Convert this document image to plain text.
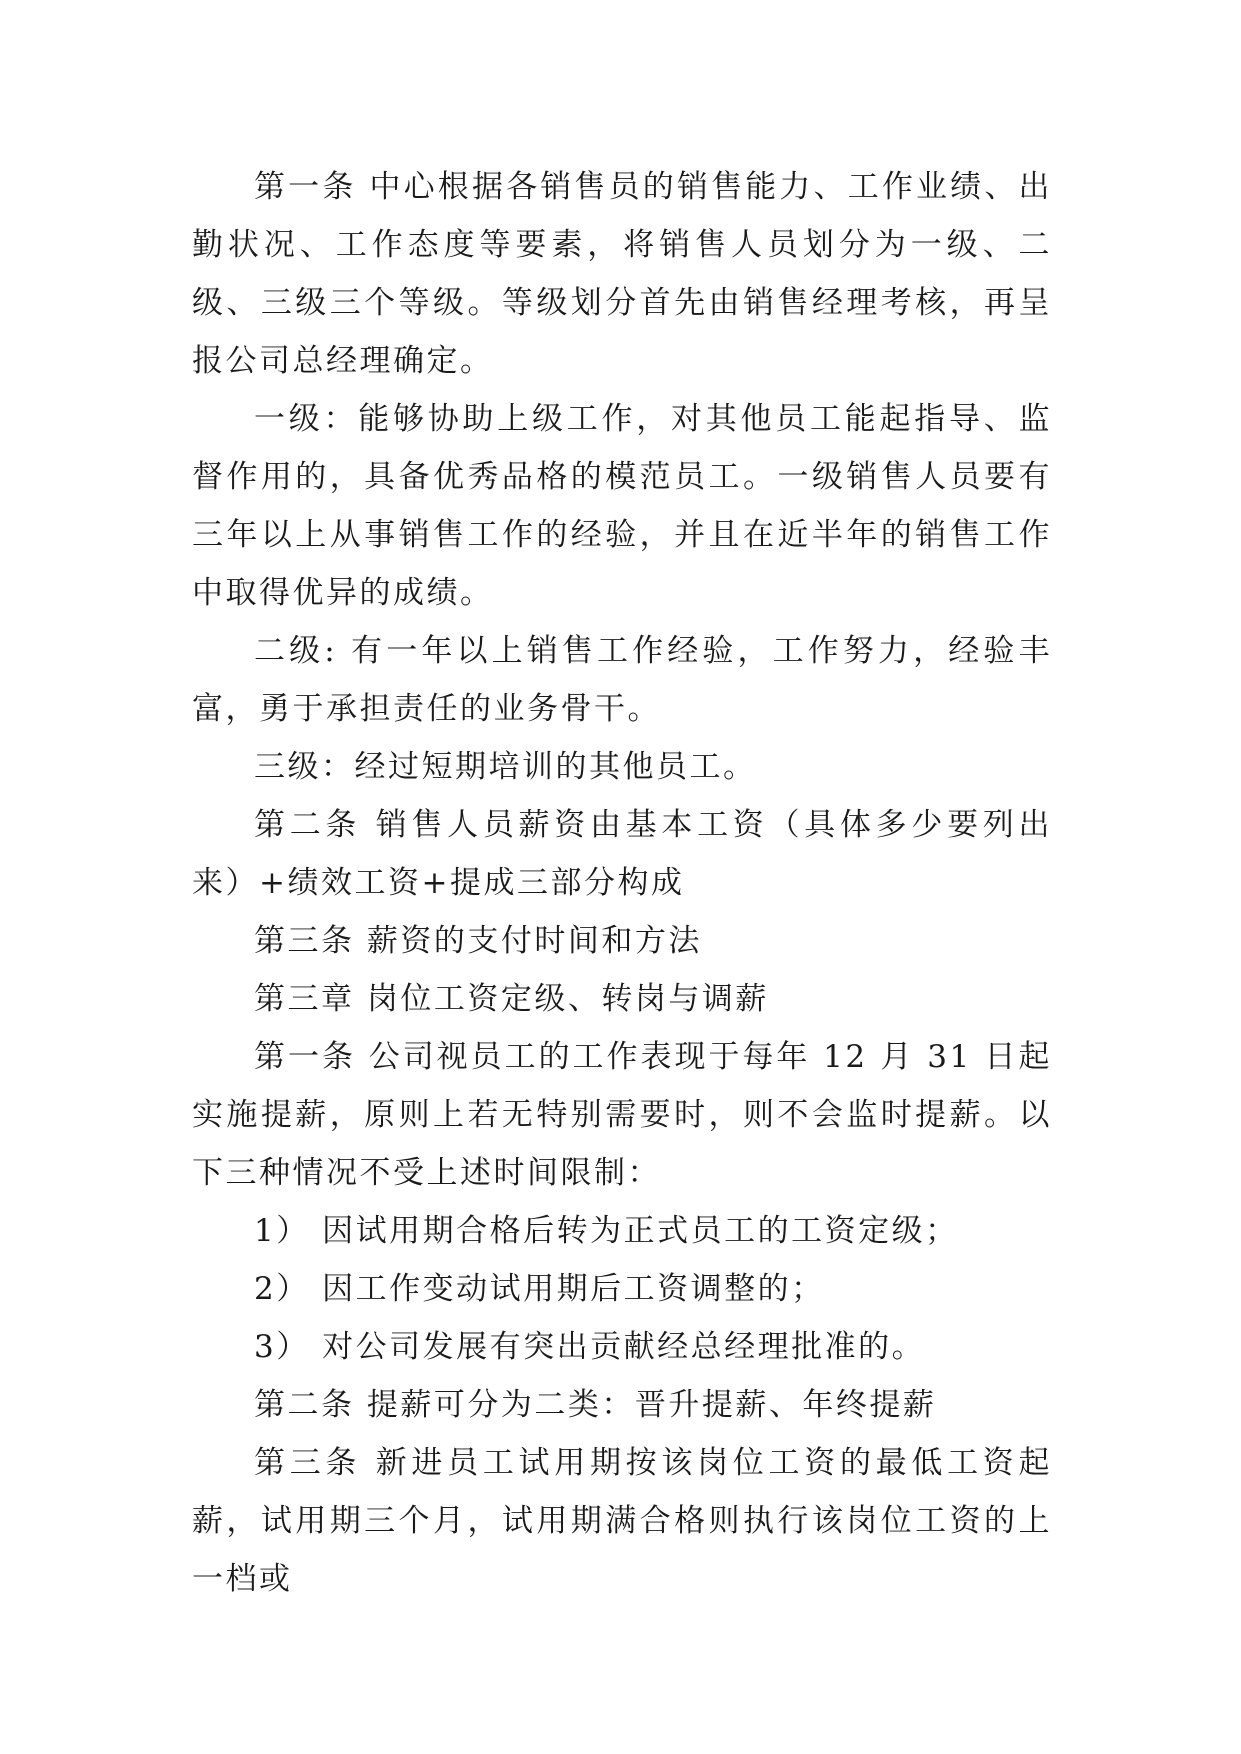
第一条 中心根据各销售员的销售能力、工作业绩、出勤状况、工作态度等要素，将销售人员划分为一级、二级、三级三个等级。等级划分首先由销售经理考核，再呈报公司总经理确定。

一级：能够协助上级工作，对其他员工能起指导、监督作用的，具备优秀品格的模范员工。一级销售人员要有三年以上从事销售工作的经验，并且在近半年的销售工作中取得优异的成绩。

二级: 有一年以上销售工作经验，工作努力，经验丰富，勇于承担责任的业务骨干。

三级：经过短期培训的其他员工。

第二条 销售人员薪资由基本工资（具体多少要列出来）+绩效工资+提成三部分构成

第三条 薪资的支付时间和方法

第三章 岗位工资定级、转岗与调薪

第一条 公司视员工的工作表现于每年 12 月 31 日起实施提薪，原则上若无特别需要时，则不会监时提薪。以下三种情况不受上述时间限制：

1） 因试用期合格后转为正式员工的工资定级；

2） 因工作变动试用期后工资调整的；

3） 对公司发展有突出贡献经总经理批准的。

第二条 提薪可分为二类：晋升提薪、年终提薪

第三条 新进员工试用期按该岗位工资的最低工资起薪，试用期三个月，试用期满合格则执行该岗位工资的上一档或
